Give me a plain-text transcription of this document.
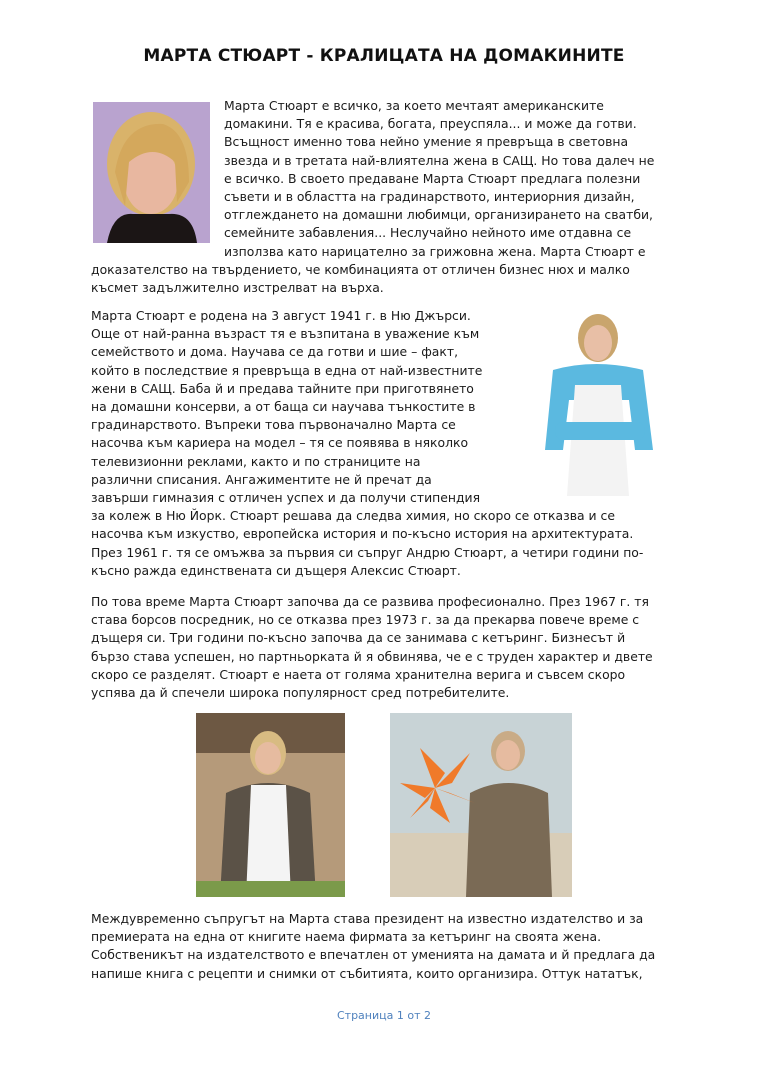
МАРТА СТЮАРТ - КРАЛИЦАТА НА ДОМАКИНИТЕ
Марта Стюарт е всичко, за което мечтаят американските
домакини. Тя е красива, богата, преуспяла... и може да готви.
Всъщност именно това нейно умение я превръща в световна
звезда и в третата най-влиятелна жена в САЩ. Но това далеч не
е всичко. В своето предаване Марта Стюарт предлага полезни
съвети и в областта на градинарството, интериорния дизайн,
отглеждането на домашни любимци, организирането на сватби,
семейните забавления... Неслучайно нейното име отдавна се
използва като нарицателно за грижовна жена. Марта Стюарт е
доказателство на твърдението, че комбинацията от отличен бизнес нюх и малко
късмет задължително изстрелват на върха.
Марта Стюарт е родена на 3 август 1941 г. в Ню Джърси.
Още от най-ранна възраст тя е възпитана в уважение към
семейството и дома. Научава се да готви и шие – факт,
който в последствие я превръща в една от най-известните
жени в САЩ. Баба й и предава тайните при приготвянето
на домашни консерви, а от баща си научава тънкостите в
градинарството. Въпреки това първоначално Марта се
насочва към кариера на модел – тя се появява в няколко
телевизионни реклами, както и по страниците на
различни списания. Ангажиментите не й пречат да
завърши гимназия с отличен успех и да получи стипендия
за колеж в Ню Йорк. Стюарт решава да следва химия, но скоро се отказва и се
насочва към изкуство, европейска история и по-късно история на архитектурата.
През 1961 г. тя се омъжва за първия си съпруг Андрю Стюарт, а четири години по-
късно ражда единствената си дъщеря Алексис Стюарт.
По това време Марта Стюарт започва да се развива професионално. През 1967 г. тя
става борсов посредник, но се отказва през 1973 г. за да прекарва повече време с
дъщеря си. Три години по-късно започва да се занимава с кетъринг. Бизнесът й
бързо става успешен, но партньорката й я обвинява, че е с труден характер и двете
скоро се разделят. Стюарт е наета от голяма хранителна верига и съвсем скоро
успява да й спечели широка популярност сред потребителите.
Междувременно съпругът на Марта става президент на известно издателство и за
премиерата на една от книгите наема фирмата за кетъринг на своята жена.
Собственикът на издателството е впечатлен от уменията на дамата и й предлага да
напише книга с рецепти и снимки от събитията, които организира. Оттук нататък,
Страница 1 от 2
